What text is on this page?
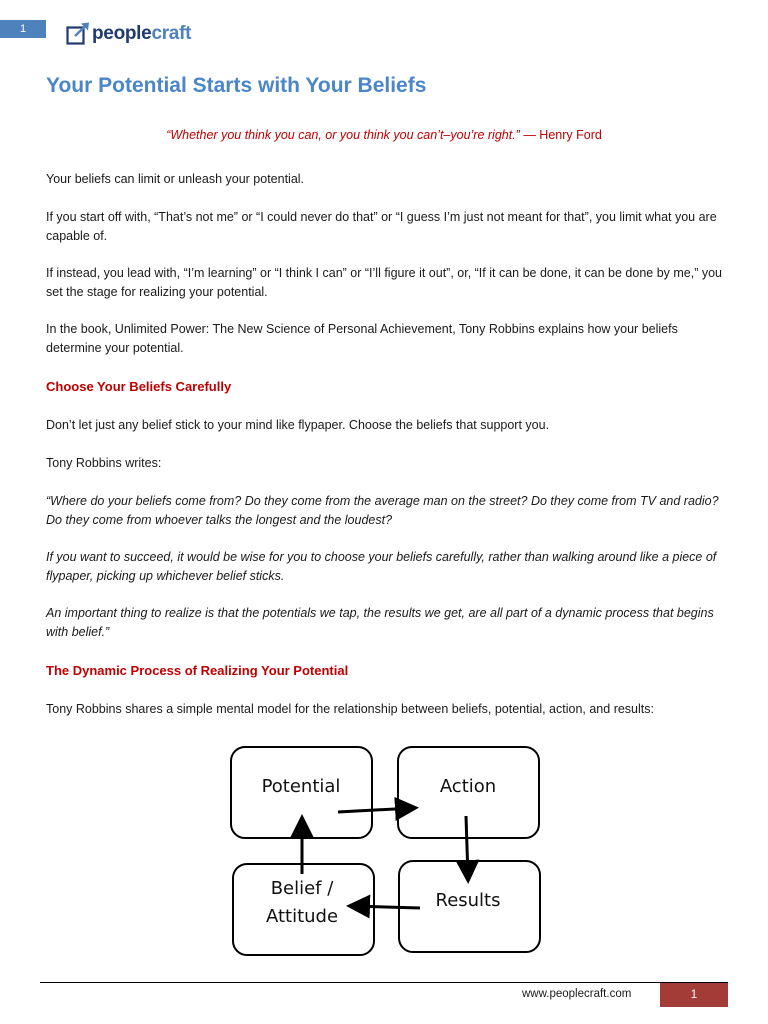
1	peoplecraft
Your Potential Starts with Your Beliefs
“Whether you think you can, or you think you can’t–you’re right.” — Henry Ford

Your beliefs can limit or unleash your potential.

If you start off with, “That’s not me” or “I could never do that” or “I guess I’m just not meant for that”, you limit what you are capable of.

If instead, you lead with, “I’m learning” or “I think I can” or “I’ll figure it out”, or, “If it can be done, it can be done by me,” you set the stage for realizing your potential.

In the book, Unlimited Power: The New Science of Personal Achievement, Tony Robbins explains how your beliefs determine your potential.

Choose Your Beliefs Carefully

Don’t let just any belief stick to your mind like flypaper. Choose the beliefs that support you.

Tony Robbins writes:

“Where do your beliefs come from? Do they come from the average man on the street? Do they come from TV and radio? Do they come from whoever talks the longest and the loudest?

If you want to succeed, it would be wise for you to choose your beliefs carefully, rather than walking around like a piece of flypaper, picking up whichever belief sticks.

An important thing to realize is that the potentials we tap, the results we get, are all part of a dynamic process that begins with belief.”

The Dynamic Process of Realizing Your Potential

Tony Robbins shares a simple mental model for the relationship between beliefs, potential, action, and results:

Potential	Action
Results
Belief /
Attitude
www.peoplecraft.com	1
